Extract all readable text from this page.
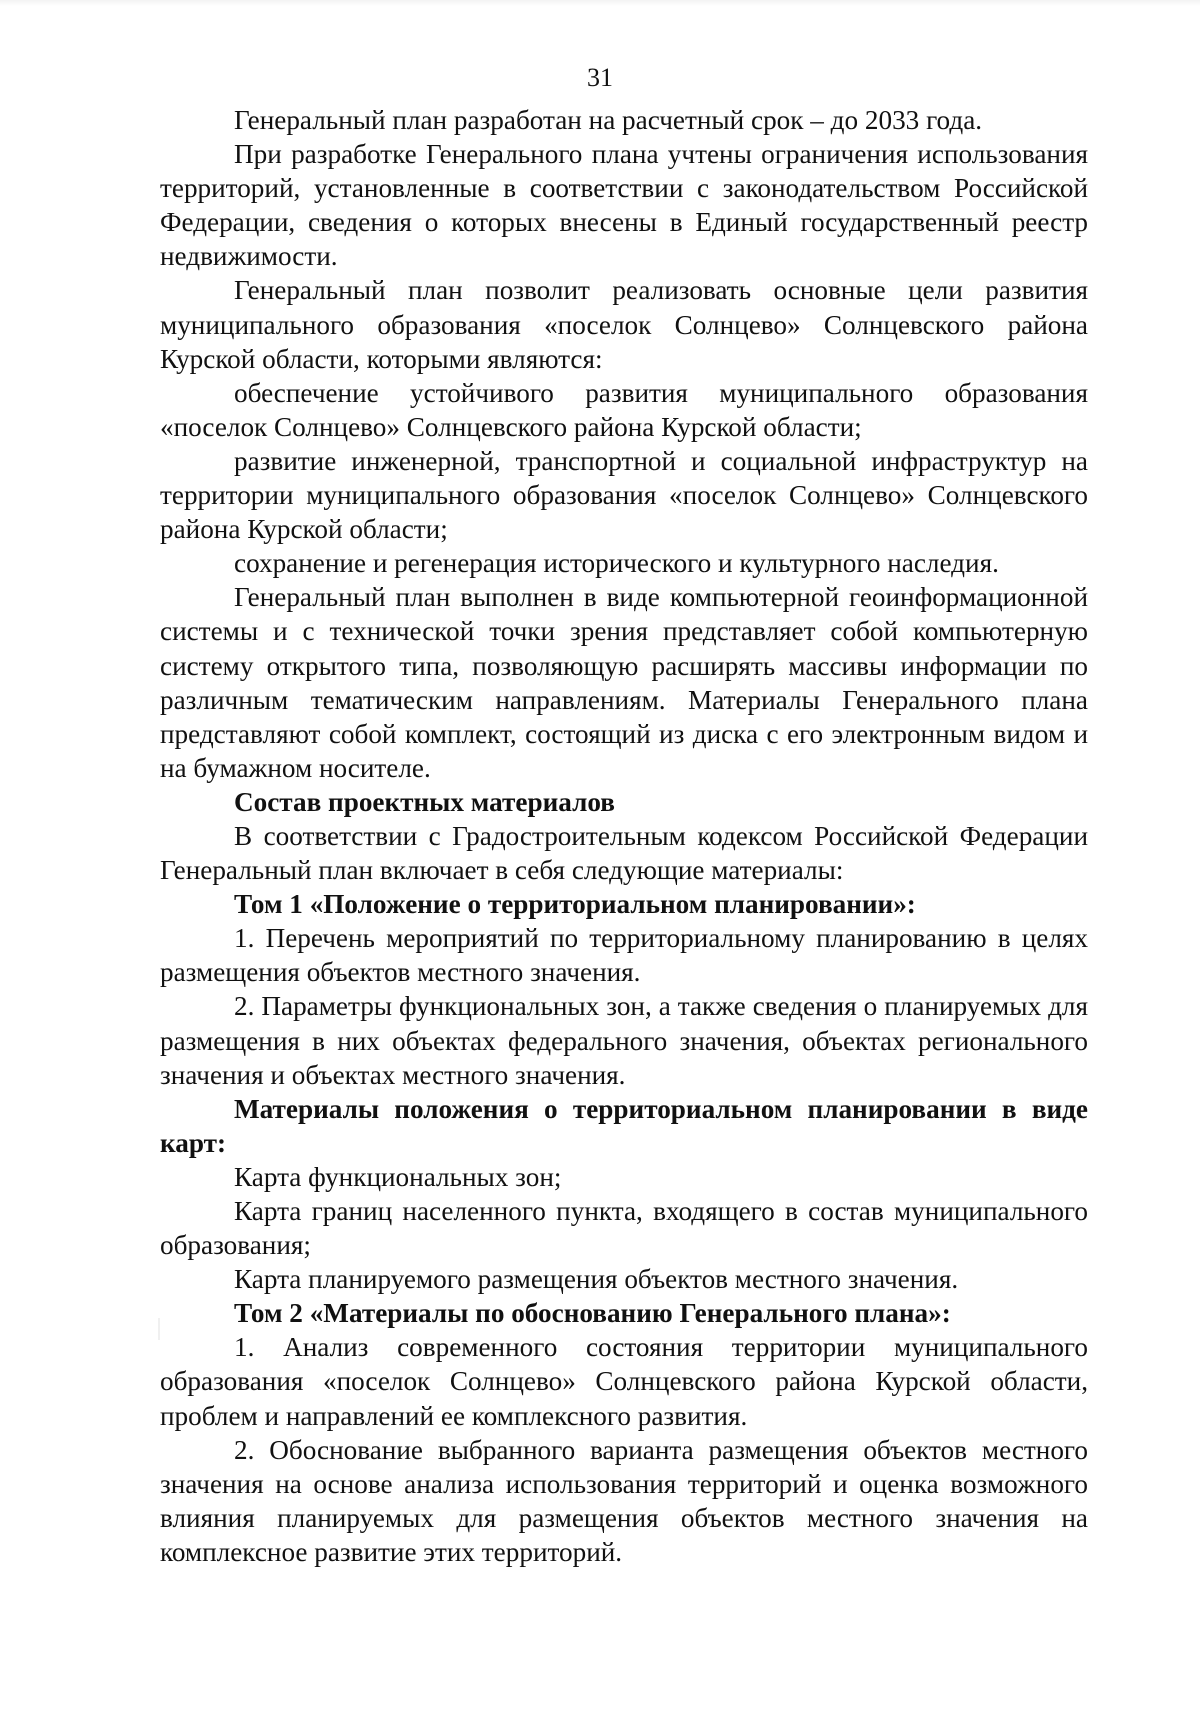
31

Генеральный план разработан на расчетный срок – до 2033 года.

При разработке Генерального плана учтены ограничения использования территорий, установленные в соответствии с законодательством Российской Федерации, сведения о которых внесены в Единый государственный реестр недвижимости.

Генеральный план позволит реализовать основные цели развития муниципального образования «поселок Солнцево» Солнцевского района Курской области, которыми являются:

обеспечение устойчивого развития муниципального образования «поселок Солнцево» Солнцевского района Курской области;

развитие инженерной, транспортной и социальной инфраструктур на территории муниципального образования «поселок Солнцево» Солнцевского района Курской области;

сохранение и регенерация исторического и культурного наследия.

Генеральный план выполнен в виде компьютерной геоинформационной системы и с технической точки зрения представляет собой компьютерную систему открытого типа, позволяющую расширять массивы информации по различным тематическим направлениям. Материалы Генерального плана представляют собой комплект, состоящий из диска с его электронным видом и на бумажном носителе.

Состав проектных материалов

В соответствии с Градостроительным кодексом Российской Федерации Генеральный план включает в себя следующие материалы:

Том 1 «Положение о территориальном планировании»:

1. Перечень мероприятий по территориальному планированию в целях размещения объектов местного значения.

2. Параметры функциональных зон, а также сведения о планируемых для размещения в них объектах федерального значения, объектах регионального значения и объектах местного значения.

Материалы положения о территориальном планировании в виде карт:

Карта функциональных зон;

Карта границ населенного пункта, входящего в состав муниципального образования;

Карта планируемого размещения объектов местного значения.

Том 2 «Материалы по обоснованию Генерального плана»:

1. Анализ современного состояния территории муниципального образования «поселок Солнцево» Солнцевского района Курской области, проблем и направлений ее комплексного развития.

2. Обоснование выбранного варианта размещения объектов местного значения на основе анализа использования территорий и оценка возможного влияния планируемых для размещения объектов местного значения на комплексное развитие этих территорий.
